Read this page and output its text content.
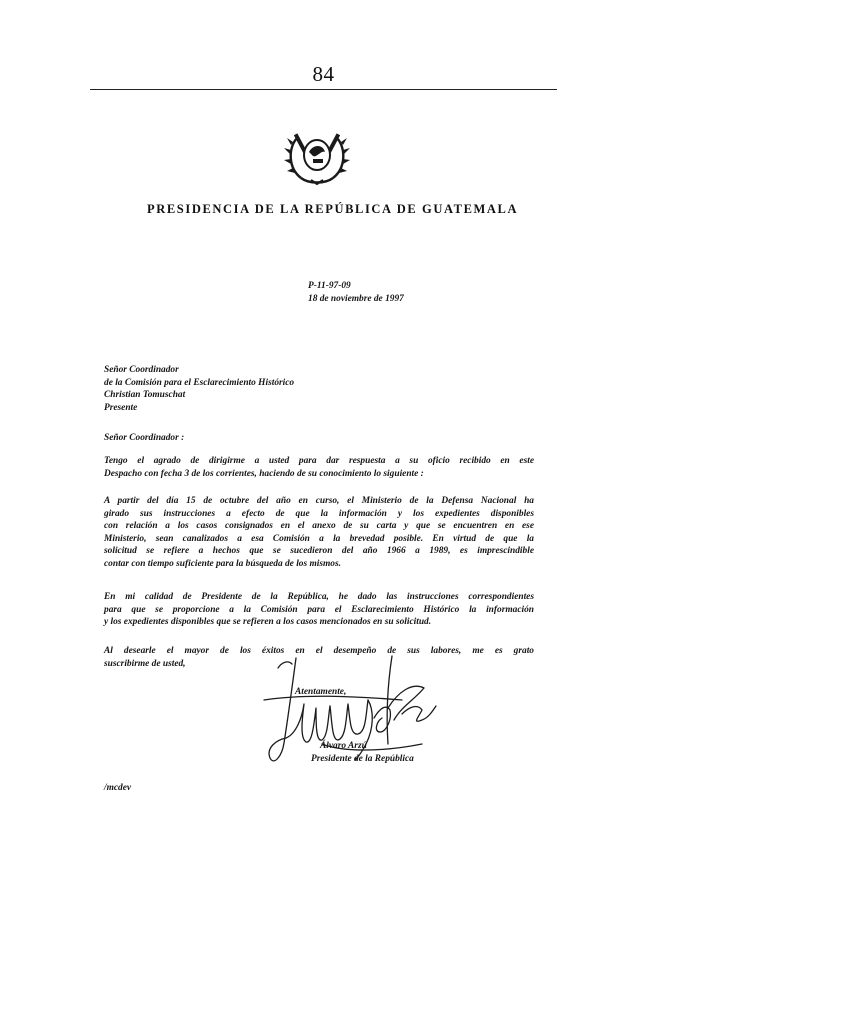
84
PRESIDENCIA DE LA REPÚBLICA DE GUATEMALA
P-11-97-09
18 de noviembre de 1997
Señor Coordinador
de la Comisión para el Esclarecimiento Histórico
Christian Tomuschat
Presente
Señor Coordinador :
Tengo el agrado de dirigirme a usted para dar respuesta a su oficio recibido en este
Despacho con fecha 3 de los corrientes, haciendo de su conocimiento lo siguiente :
A partir del día 15 de octubre del año en curso, el Ministerio de la Defensa Nacional ha
girado sus instrucciones a efecto de que la información y los expedientes disponibles
con relación a los casos consignados en el anexo de su carta y que se encuentren en ese
Ministerio, sean canalizados a esa Comisión a la brevedad posible. En virtud de que la
solicitud se refiere a hechos que se sucedieron del año 1966 a 1989, es imprescindible
contar con tiempo suficiente para la búsqueda de los mismos.
En mi calidad de Presidente de la República, he dado las instrucciones correspondientes
para que se proporcione a la Comisión para el Esclarecimiento Histórico la información
y los expedientes disponibles que se refieren a los casos mencionados en su solicitud.
Al desearle el mayor de los éxitos en el desempeño de sus labores, me es grato
suscribirme de usted,
Atentamente,
Álvaro Arzú
Presidente de la República
/mcdev
